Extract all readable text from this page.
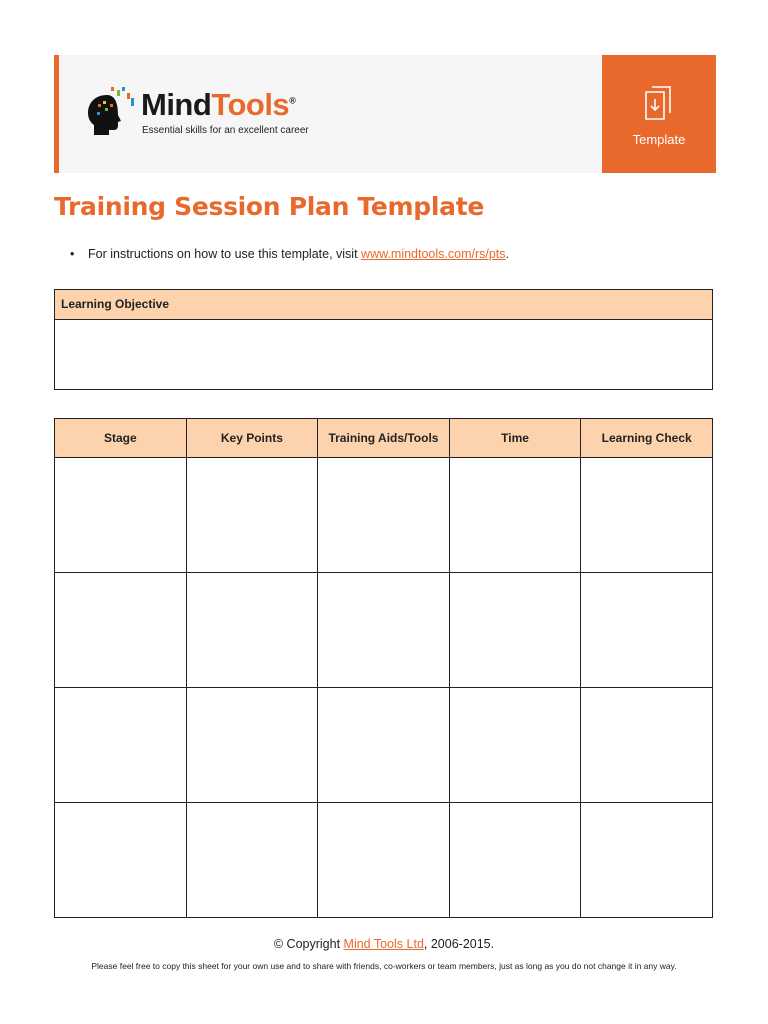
MindTools®
Essential skills for an excellent career
Template
Training Session Plan Template
• For instructions on how to use this template, visit www.mindtools.com/rs/pts.
Learning Objective
Stage	Key Points	Training Aids/Tools	Time	Learning Check

© Copyright Mind Tools Ltd, 2006-2015.
Please feel free to copy this sheet for your own use and to share with friends, co-workers or team members, just as long as you do not change it in any way.
